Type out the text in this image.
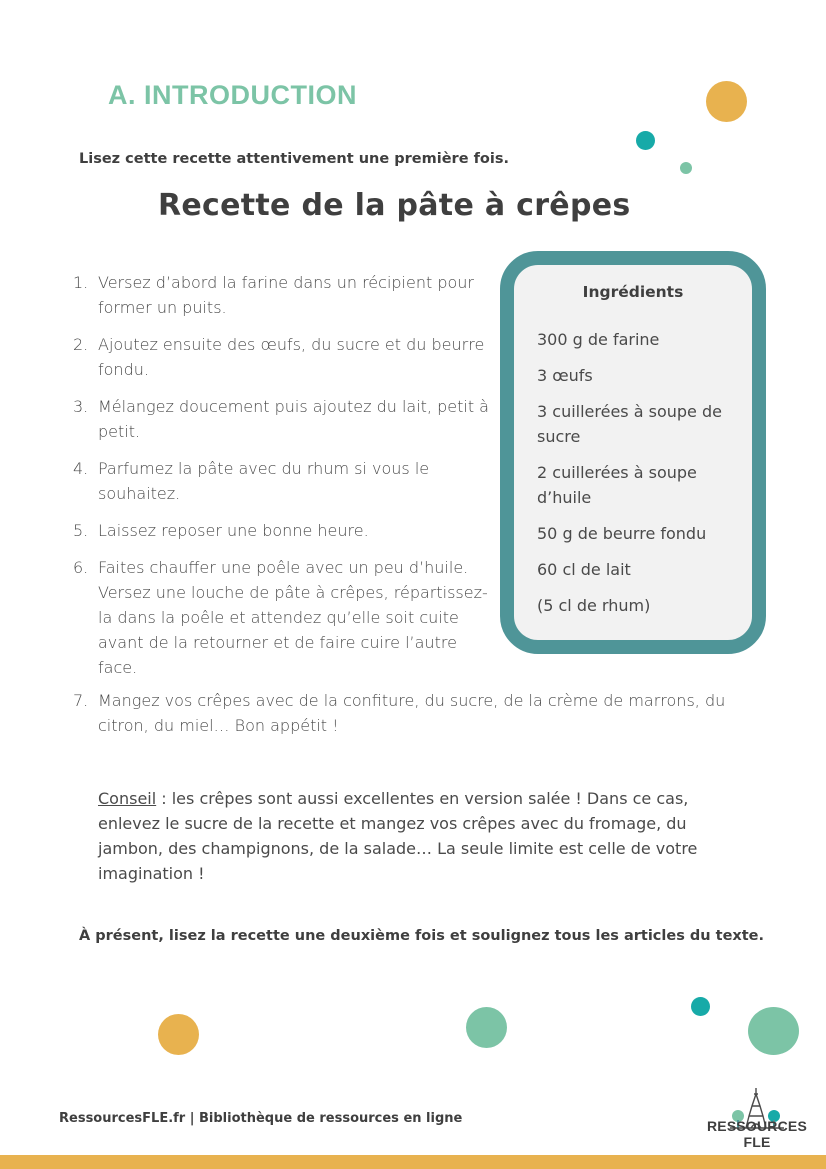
A. INTRODUCTION
Lisez cette recette attentivement une première fois.
Recette de la pâte à crêpes
1. Versez d’abord la farine dans un récipient pour former un puits.
2. Ajoutez ensuite des œufs, du sucre et du beurre fondu.
3. Mélangez doucement puis ajoutez du lait, petit à petit.
4. Parfumez la pâte avec du rhum si vous le souhaitez.
5. Laissez reposer une bonne heure.
6. Faites chauffer une poêle avec un peu d’huile. Versez une louche de pâte à crêpes, répartissez-la dans la poêle et attendez qu’elle soit cuite avant de la retourner et de faire cuire l’autre face.
7. Mangez vos crêpes avec de la confiture, du sucre, de la crème de marrons, du citron, du miel… Bon appétit !
Ingrédients
300 g de farine
3 œufs
3 cuillerées à soupe de sucre
2 cuillerées à soupe d’huile
50 g de beurre fondu
60 cl de lait
(5 cl de rhum)
Conseil : les crêpes sont aussi excellentes en version salée ! Dans ce cas, enlevez le sucre de la recette et mangez vos crêpes avec du fromage, du jambon, des champignons, de la salade… La seule limite est celle de votre imagination !
À présent, lisez la recette une deuxième fois et soulignez tous les articles du texte.
RessourcesFLE.fr | Bibliothèque de ressources en ligne	RESSOURCES FLE
